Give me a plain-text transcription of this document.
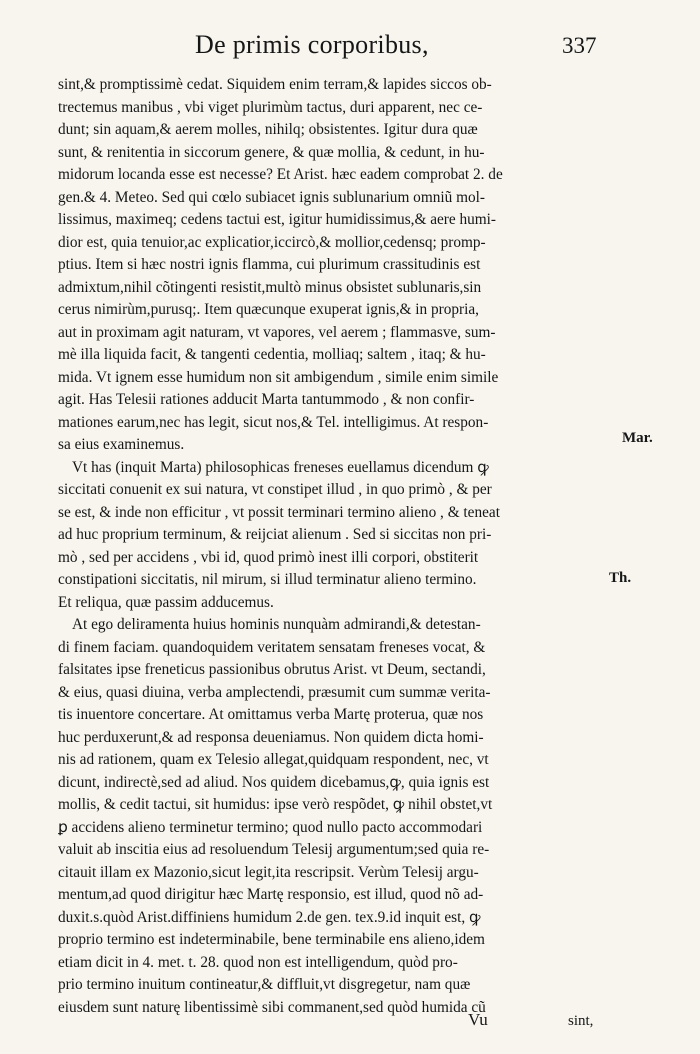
De primis corporibus,	337

sint,& promptissimè cedat. Siquidem enim terram,& lapides siccos ob-
trectemus manibus , vbi viget plurimùm tactus, duri apparent, nec ce-
dunt; sin aquam,& aerem molles, nihilq; obsistentes. Igitur dura quæ
sunt, & renitentia in siccorum genere, & quæ mollia, & cedunt, in hu-
midorum locanda esse est necesse? Et Arist. hæc eadem comprobat 2. de
gen.& 4. Meteo. Sed qui cœlo subiacet ignis sublunarium omniũ mol-
lissimus, maximeq; cedens tactui est, igitur humidissimus,& aere humi-
dior est, quia tenuior,ac explicatior,iccircò,& mollior,cedensq; promp-
ptius. Item si hæc nostri ignis flamma, cui plurimum crassitudinis est
admixtum,nihil cõtingenti resistit,multò minus obsistet sublunaris,sin
cerus nimirùm,purusq;. Item quæcunque exuperat ignis,& in propria,
aut in proximam agit naturam, vt vapores, vel aerem ; flammasve, sum-
mè illa liquida facit, & tangenti cedentia, molliaq; saltem , itaq; & hu-
mida. Vt ignem esse humidum non sit ambigendum , simile enim simile
agit. Has Telesii rationes adducit Marta tantummodo , & non confir-
mationes earum,nec has legit, sicut nos,& Tel. intelligimus. At respon-
sa eius examinemus.

Vt has (inquit Marta) philosophicas freneses euellamus dicendum ꝙ
siccitati conuenit ex sui natura, vt constipet illud , in quo primò , & per
se est, & inde non efficitur , vt possit terminari termino alieno , & teneat
ad huc proprium terminum, & reijciat alienum . Sed si siccitas non pri-
mò , sed per accidens , vbi id, quod primò inest illi corpori, obstiterit
constipationi siccitatis, nil mirum, si illud terminatur alieno termino.
Et reliqua, quæ passim adducemus.

At ego deliramenta huius hominis nunquàm admirandi,& detestan-
di finem faciam. quandoquidem veritatem sensatam freneses vocat, &
falsitates ipse freneticus passionibus obrutus Arist. vt Deum, sectandi,
& eius, quasi diuina, verba amplectendi, præsumit cum summæ verita-
tis inuentore concertare. At omittamus verba Martę proterua, quæ nos
huc perduxerunt,& ad responsa deueniamus. Non quidem dicta homi-
nis ad rationem, quam ex Telesio allegat,quidquam respondent, nec, vt
dicunt, indirectè,sed ad aliud. Nos quidem dicebamus,ꝙ, quia ignis est
mollis, & cedit tactui, sit humidus: ipse verò respõdet, ꝙ nihil obstet,vt
ꝑ accidens alieno terminetur termino; quod nullo pacto accommodari
valuit ab inscitia eius ad resoluendum Telesij argumentum;sed quia re-
citauit illam ex Mazonio,sicut legit,ita rescripsit. Verùm Telesij argu-
mentum,ad quod dirigitur hæc Martę responsio, est illud, quod nõ ad-
duxit.s.quòd Arist.diffiniens humidum 2.de gen. tex.9.id inquit est, ꝙ
proprio termino est indeterminabile, bene terminabile ens alieno,idem
etiam dicit in 4. met. t. 28. quod non est intelligendum, quòd pro-
prio termino inuitum contineatur,& diffluit,vt disgregetur, nam quæ
eiusdem sunt naturę libentissimè sibi commanent,sed quòd humida cũ

Mar.
Th.
Vu	sint,
